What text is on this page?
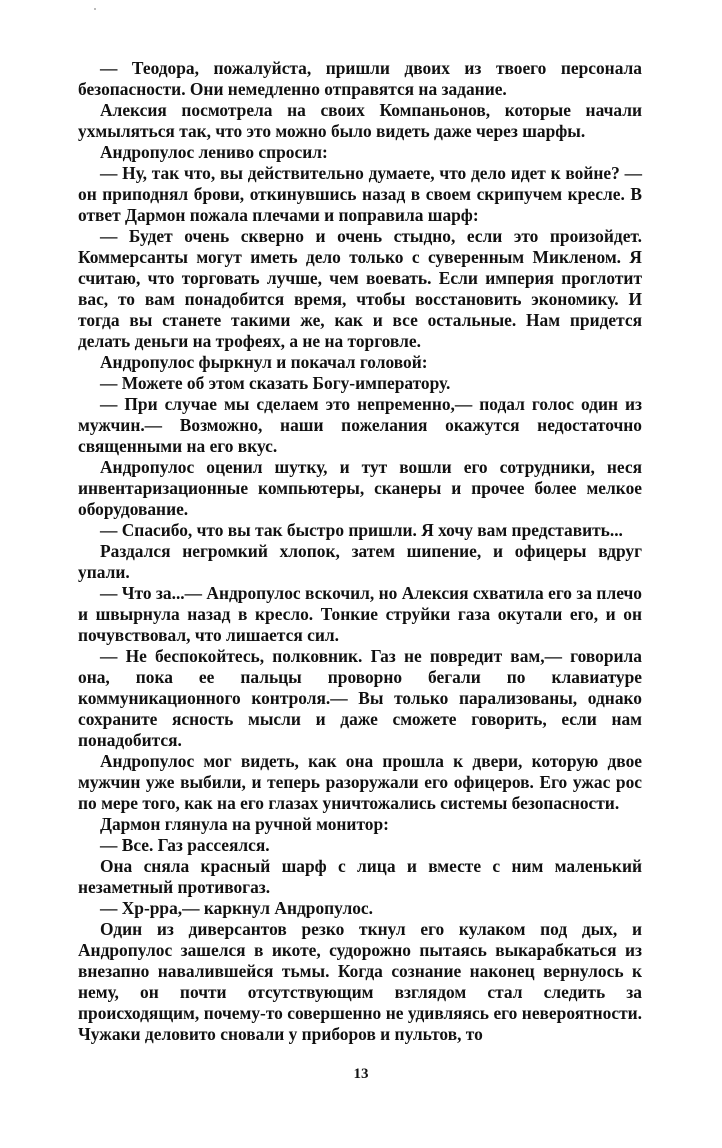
— Теодора, пожалуйста, пришли двоих из твоего персонала безопасности. Они немедленно отправятся на задание.

Алексия посмотрела на своих Компаньонов, которые начали ухмыляться так, что это можно было видеть даже через шарфы.

Андропулос лениво спросил:

— Ну, так что, вы действительно думаете, что дело идет к войне? — он приподнял брови, откинувшись назад в своем скрипучем кресле. В ответ Дармон пожала плечами и поправила шарф:

— Будет очень скверно и очень стыдно, если это произойдет. Коммерсанты могут иметь дело только с суверенным Микленом. Я считаю, что торговать лучше, чем воевать. Если империя проглотит вас, то вам понадобится время, чтобы восстановить экономику. И тогда вы станете такими же, как и все остальные. Нам придется делать деньги на трофеях, а не на торговле.

Андропулос фыркнул и покачал головой:

— Можете об этом сказать Богу-императору.

— При случае мы сделаем это непременно,— подал голос один из мужчин.— Возможно, наши пожелания окажутся недостаточно священными на его вкус.

Андропулос оценил шутку, и тут вошли его сотрудники, неся инвентаризационные компьютеры, сканеры и прочее более мелкое оборудование.

— Спасибо, что вы так быстро пришли. Я хочу вам представить...

Раздался негромкий хлопок, затем шипение, и офицеры вдруг упали.

— Что за...— Андропулос вскочил, но Алексия схватила его за плечо и швырнула назад в кресло. Тонкие струйки газа окутали его, и он почувствовал, что лишается сил.

— Не беспокойтесь, полковник. Газ не повредит вам,— говорила она, пока ее пальцы проворно бегали по клавиатуре коммуникационного контроля.— Вы только парализованы, однако сохраните ясность мысли и даже сможете говорить, если нам понадобится.

Андропулос мог видеть, как она прошла к двери, которую двое мужчин уже выбили, и теперь разоружали его офицеров. Его ужас рос по мере того, как на его глазах уничтожались системы безопасности.

Дармон глянула на ручной монитор:

— Все. Газ рассеялся.

Она сняла красный шарф с лица и вместе с ним маленький незаметный противогаз.

— Хр-рра,— каркнул Андропулос.

Один из диверсантов резко ткнул его кулаком под дых, и Андропулос зашелся в икоте, судорожно пытаясь выкарабкаться из внезапно навалившейся тьмы. Когда сознание наконец вернулось к нему, он почти отсутствующим взглядом стал следить за происходящим, почему-то совершенно не удивляясь его невероятности. Чужаки деловито сновали у приборов и пультов, то

13
